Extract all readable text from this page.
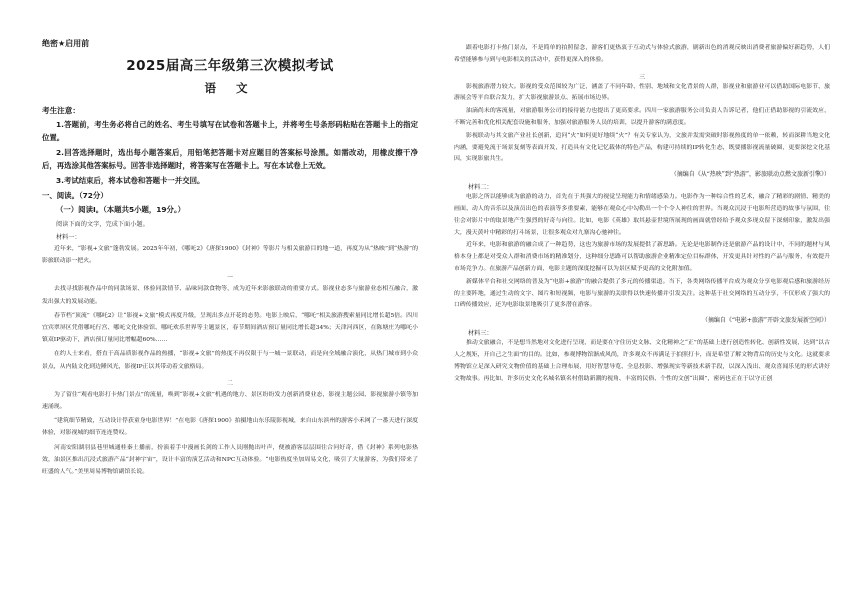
绝密★启用前
2025届高三年级第三次模拟考试
语 文
考生注意：

1.答题前，考生务必将自己的姓名、考生号填写在试卷和答题卡上，并将考生号条形码粘贴在答题卡上的指定位置。

2.回答选择题时，选出每小题答案后，用铅笔把答题卡对应题目的答案标号涂黑。如需改动，用橡皮擦干净后，再选涂其他答案标号。回答非选择题时，将答案写在答题卡上。写在本试卷上无效。

3.考试结束后，将本试卷和答题卡一并交回。

一、阅读。（72分）
（一）阅读Ⅰ。（本题共5小题，19分。）
阅读下面的文字，完成下面小题。
材料一：

近年来，“影视+文旅”蓬勃发展。2025年年初，《哪吒2》《唐探1900》《封神》等影片与相关旅游目的地一道，再度为从“热映”到“热游”的影旅联动添一把火。

一

去找寻找影视作品中的同款场景、体验同款情节、品味同款食物等，成为近年来影旅联动的重要方式。影视业态多与旅游业态相互融合，激发出强大的发展动能。

春节档“顶流”《哪吒2》让“影视+文旅”模式再度升级，呈现出多点开花的态势。电影上映后，“哪吒”相关旅游搜索量同比增长超5倍。四川宜宾翠屏区凭借哪吒行宫、哪吒文化体验馆、哪吒欢乐世界等主题景区，春节期间酒店预订量同比增长超34%；天津河西区，在陈塘庄为哪吒小镇双IP驱动下，酒店预订量同比增幅超60%……

在约人士来看，搭直于高品质影视作品的热播，“影视+文旅”的热度不再仅限于与一城一景联动，而是向全域融合演化，从热门城市到小众景点，从内陆文化到边陲风光，影视IP正以其带动着文旅格局。

二

为了留住“观看电影打卡热门景点”的流量，唤到“影视+文旅”机遇的地方、景区纷纷发力创新消费业态，影视主题公园、影视旅游小镇等加速涌现。

“建筑细节精致，互动设计俘获童身电影世界！”在电影《唐探1900》拍摄地山东乐陵影视城，来自山东滨州的游客小禾网了一番天进行深度体验，对影视城的细节连连赞叹。

河南安阳湖羽县巷里城通桂秦土播前，扮演着手中漫画长剑的工作人员刚抛出叶声，便被游客层层围住合问好奇，借《封神》系列电影热效，油景区推出沉浸式旅游产品“封神宇宙”，设计丰富的演艺活动和NPC互动体验。“电影热度坐加周易文化，吸引了大量游客，为我们带来了旺盛的人气。”美里周易博物馆副馆长说。

跟着电影打卡热门景点，不是简单的拍照留念，游客们更热衷于互动式与体验式旅游，剧新出色的消观反映出消费者旅游偏好新趋势，人们希望能够参与到与电影相关的活动中，获得更深入的体验。

三

影视旅游潜力较大。影视的受众范围较为广泛，涵盖了不同年龄、性别、地域和文化背景的人群，影视业和旅游业可以借助国际电影节、旅游展会等平台联合发力，扩大影视旅游景点、拓展市场边界。

油滴尚未的客流量，对旅游服务公司的接待能力也提出了更高要求。四川一家旅游服务公司负责人告诉记者，他们正借助影视的引流效应，不断完善和优化相关配套设施和服务，加强对旅游服务人员的培训，以提升游客的满意度。

影视联动与其文旅产业社长创新，追问“火”如何更好地续“火”？有关专家认为，文旅并发需突破时影视热度的单一依赖，转而深耕当地文化内涵，要避免流于场景复刻等表面开发，打造具有文化记忆载体的特色产品，构建可持续的IP转化生态，既要播影视流量破圈，更要深挖文化基因，实现影旅共生。

（摘编自《从“热映”到“热游”，影旅联动点燃文旅新引擎》）
材料二：

电影之所以能够成为旅游的动力，首先在于其强大的视觉呈现能力和情绪感染力。电影作为一种综合性的艺术，融合了精彩的剧情、精美的画面、动人的音乐以及演员出色的表演等多重要素，能够在观众心中勾勒出一个个令人神往的世界。当观众沉浸于电影所营造的故事与氛围，往往会对影片中的取景地产生强烈的好奇与向往。比如，电影《英雄》取其悬壶世境所展现的画面就曾经给予观众多现众留下深刻印象，激发出强大，漫天黄叶中精彩的打斗场景，让很多观众对九寨沟心驰神往。

近年来，电影和旅游的融合成了一种趋势，这也为旅游市场的发展提供了新思路。无论是电影制作还是旅游产品的设计中，不同的题材与风格本身上都是对受众人群和消费市场的精准划分，这种细分思路可以帮助旅游企业精准定位目标群体，开发更具针对性的产品与服务，有效提升市场竞争力。在旅游产品创新方面，电影主题的深度挖掘可以为景区赋予更高的文化附加值。

新媒体平台和社交网络的普及为“电影+旅游”的融合提供了多元的传播渠道。当下，各类网络传播平台成为观众分享电影观后感和旅游经历的主要阵地，通过生动的文字、图片和短视频，电影与旅游的关联得以快速传播并引发关注。这种基于社交网络的互动分享，不仅形成了强大的口碑传播效应，还为电影取景地吸引了更多潜在游客。

（摘编自《“电影+旅游”开辟文旅发展新空间》）
材料三：

推动文旅融合，不是想当然地对文化进行呈现，而是要在守住历史文脉、文化精神之“正”的基础上进行创造性转化、创新性发展，达到“以古人之规矩，开自己之生面”的目的。比如，参观博物馆渐成风尚，许多观众不再满足于拍照打卡，而是希望了解文物背后的历史与文化。这就要求博物馆立足深入研究文物价值的基础上合理布展，用好智慧导览、全息投影、增强现实等新技术新手段，以深入浅出、观众喜闻乐见的形式讲好文物故事。再比如，许多历史文化名城名镇名村借助新潮的视角、丰富的民俗、个性的文创“出圈”，密码也正在于以守正创
